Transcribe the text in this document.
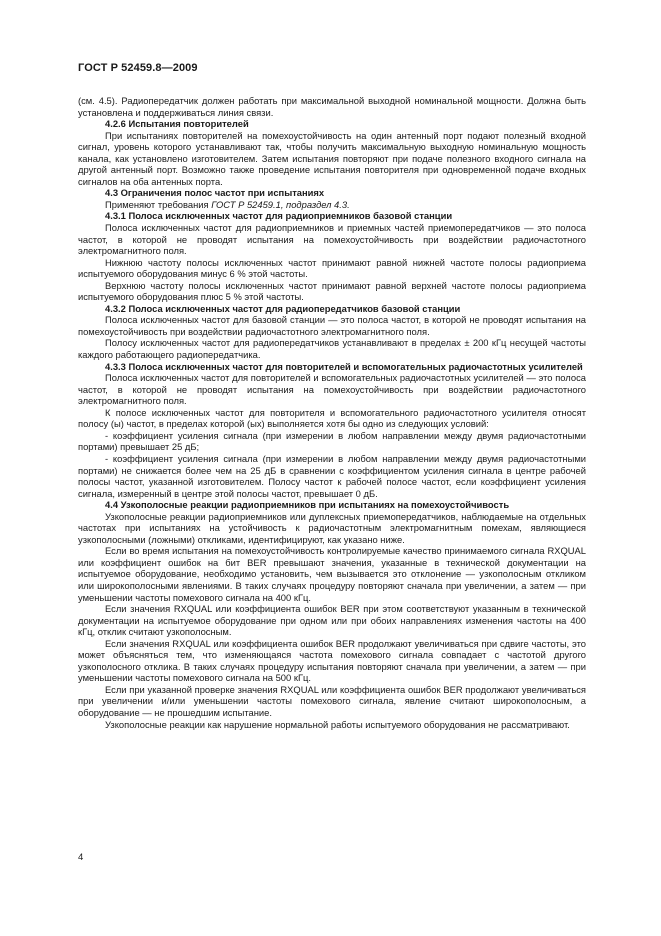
ГОСТ Р 52459.8—2009

(см. 4.5). Радиопередатчик должен работать при максимальной выходной номинальной мощности. Должна быть установлена и поддерживаться линия связи.

4.2.6 Испытания повторителей

При испытаниях повторителей на помехоустойчивость на один антенный порт подают полезный входной сигнал, уровень которого устанавливают так, чтобы получить максимальную выходную номинальную мощность канала, как установлено изготовителем. Затем испытания повторяют при подаче полезного входного сигнала на другой антенный порт. Возможно также проведение испытания повторителя при одновременной подаче входных сигналов на оба антенных порта.

4.3 Ограничения полос частот при испытаниях

Применяют требования ГОСТ Р 52459.1, подраздел 4.3.

4.3.1 Полоса исключенных частот для радиоприемников базовой станции

Полоса исключенных частот для радиоприемников и приемных частей приемопередатчиков — это полоса частот, в которой не проводят испытания на помехоустойчивость при воздействии радиочастотного электромагнитного поля.

Нижнюю частоту полосы исключенных частот принимают равной нижней частоте полосы радиоприема испытуемого оборудования минус 6 % этой частоты.

Верхнюю частоту полосы исключенных частот принимают равной верхней частоте полосы радиоприема испытуемого оборудования плюс 5 % этой частоты.

4.3.2 Полоса исключенных частот для радиопередатчиков базовой станции

Полоса исключенных частот для базовой станции — это полоса частот, в которой не проводят испытания на помехоустойчивость при воздействии радиочастотного электромагнитного поля.

Полосу исключенных частот для радиопередатчиков устанавливают в пределах ± 200 кГц несущей частоты каждого работающего радиопередатчика.

4.3.3 Полоса исключенных частот для повторителей и вспомогательных радиочастотных усилителей

Полоса исключенных частот для повторителей и вспомогательных радиочастотных усилителей — это полоса частот, в которой не проводят испытания на помехоустойчивость при воздействии радиочастотного электромагнитного поля.

К полосе исключенных частот для повторителя и вспомогательного радиочастотного усилителя относят полосу (ы) частот, в пределах которой (ых) выполняется хотя бы одно из следующих условий:

- коэффициент усиления сигнала (при измерении в любом направлении между двумя радиочастотными портами) превышает 25 дБ;

- коэффициент усиления сигнала (при измерении в любом направлении между двумя радиочастотными портами) не снижается более чем на 25 дБ в сравнении с коэффициентом усиления сигнала в центре рабочей полосы частот, указанной изготовителем. Полосу частот к рабочей полосе частот, если коэффициент усиления сигнала, измеренный в центре этой полосы частот, превышает 0 дБ.

4.4 Узкополосные реакции радиоприемников при испытаниях на помехоустойчивость

Узкополосные реакции радиоприемников или дуплексных приемопередатчиков, наблюдаемые на отдельных частотах при испытаниях на устойчивость к радиочастотным электромагнитным помехам, являющиеся узкополосными (ложными) откликами, идентифицируют, как указано ниже.

Если во время испытания на помехоустойчивость контролируемые качество принимаемого сигнала RXQUAL или коэффициент ошибок на бит BER превышают значения, указанные в технической документации на испытуемое оборудование, необходимо установить, чем вызывается это отклонение — узкополосным откликом или широкополосными явлениями. В таких случаях процедуру повторяют сначала при увеличении, а затем — при уменьшении частоты помехового сигнала на 400 кГц.

Если значения RXQUAL или коэффициента ошибок BER при этом соответствуют указанным в технической документации на испытуемое оборудование при одном или при обоих направлениях изменения частоты на 400 кГц, отклик считают узкополосным.

Если значения RXQUAL или коэффициента ошибок BER продолжают увеличиваться при сдвиге частоты, это может объясняться тем, что изменяющаяся частота помехового сигнала совпадает с частотой другого узкополосного отклика. В таких случаях процедуру испытания повторяют сначала при увеличении, а затем — при уменьшении частоты помехового сигнала на 500 кГц.

Если при указанной проверке значения RXQUAL или коэффициента ошибок BER продолжают увеличиваться при увеличении и/или уменьшении частоты помехового сигнала, явление считают широкополосным, а оборудование — не прошедшим испытание.

Узкополосные реакции как нарушение нормальной работы испытуемого оборудования не рассматривают.

4
